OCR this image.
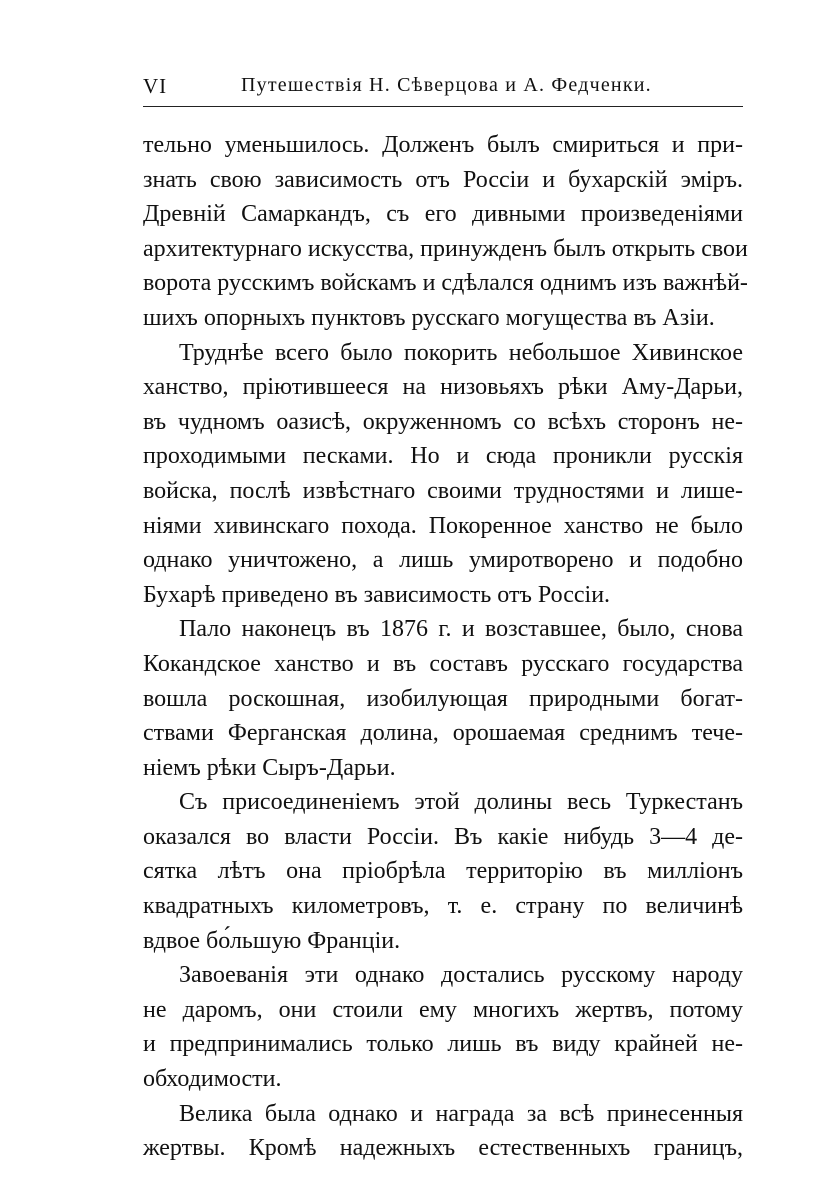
VI	Путешествія Н. Сѣверцова и А. Федченки.
тельно уменьшилось. Долженъ былъ смириться и при-
знать свою зависимость отъ Россіи и бухарскій эміръ.
Древній Самаркандъ, съ его дивными произведеніями
архитектурнаго искусства, принужденъ былъ открыть свои
ворота русскимъ войскамъ и сдѣлался однимъ изъ важнѣй-
шихъ опорныхъ пунктовъ русскаго могущества въ Азіи.
Труднѣе всего было покорить небольшое Хивинское
ханство, пріютившееся на низовьяхъ рѣки Аму-Дарьи,
въ чудномъ оазисѣ, окруженномъ со всѣхъ сторонъ не-
проходимыми песками. Но и сюда проникли русскія
войска, послѣ извѣстнаго своими трудностями и лише-
ніями хивинскаго похода. Покоренное ханство не было
однако уничтожено, а лишь умиротворено и подобно
Бухарѣ приведено въ зависимость отъ Россіи.
Пало наконецъ въ 1876 г. и возставшее, было, снова
Кокандское ханство и въ составъ русскаго государства
вошла роскошная, изобилующая природными богат-
ствами Ферганская долина, орошаемая среднимъ тече-
ніемъ рѣки Сыръ-Дарьи.
Съ присоединеніемъ этой долины весь Туркестанъ
оказался во власти Россіи. Въ какіе нибудь 3—4 де-
сятка лѣтъ она пріобрѣла территорію въ милліонъ
квадратныхъ километровъ, т. е. страну по величинѣ
вдвое бо́льшую Франціи.
Завоеванія эти однако достались русскому народу
не даромъ, они стоили ему многихъ жертвъ, потому
и предпринимались только лишь въ виду крайней не-
обходимости.
Велика была однако и награда за всѣ принесенныя
жертвы. Кромѣ надежныхъ естественныхъ границъ,
